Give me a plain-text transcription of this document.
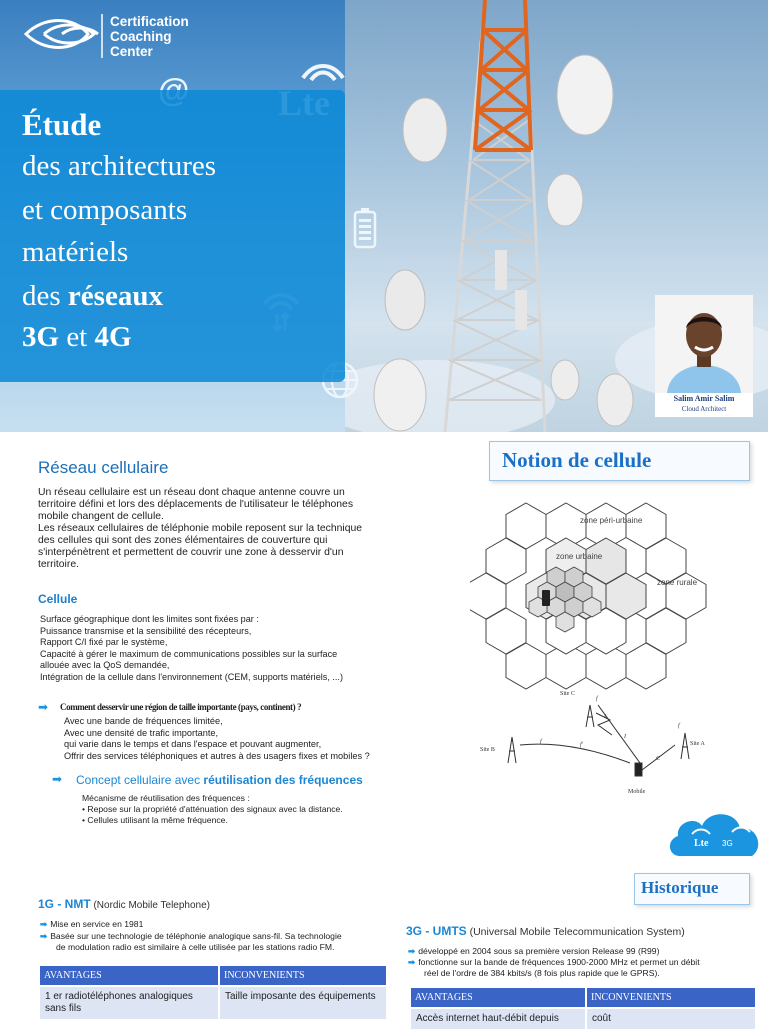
Certification
Coaching
Center
Étude
des architectures
et composants
matériels
des réseaux
3G et 4G
Salim Amir Salim
Cloud Architect
Réseau cellulaire
Un réseau cellulaire est un réseau dont chaque antenne couvre un territoire défini et lors des déplacements de l'utilisateur le téléphones mobile changent de cellule.
Les réseaux cellulaires de téléphonie mobile reposent sur la technique des cellules qui sont des zones élémentaires de couverture qui s'interpénètrent et permettent de couvrir une zone à desservir d'un territoire.
Cellule
Surface géographique dont les limites sont fixées par :
Puissance transmise et la sensibilité des récepteurs,
Rapport C/I fixé par le système,
Capacité à gérer le maximum de communications possibles sur la surface
allouée avec la QoS demandée,
Intégration de la cellule dans l'environnement (CEM, supports matériels, ...)
➡ Comment desservir une région de taille importante (pays, continent) ?
Avec une bande de fréquences limitée,
Avec une densité de trafic importante,
qui varie dans le temps et dans l'espace et pouvant augmenter,
Offrir des services téléphoniques et autres à des usagers fixes et mobiles ?
➡ Concept cellulaire avec réutilisation des fréquences
Mécanisme de réutilisation des fréquences :
• Repose sur la propriété d'atténuation des signaux avec la distance.
• Cellules utilisant la même fréquence.
Notion de cellule
zone péri-urbaine
zone urbaine
zone rurale
Site C
Site B
Site A
Mobile
f
f	f'
f
C
I
I
Lte 3G
Historique
1G - NMT (Nordic Mobile Telephone)
➡ Mise en service en 1981
➡ Basée sur une technologie de téléphonie analogique sans-fil. Sa technologie
de modulation radio est similaire à celle utilisée par les stations radio FM.
AVANTAGES	INCONVENIENTS
1 er radiotéléphones analogiques sans fils	Taille imposante des équipements
3G - UMTS (Universal Mobile Telecommunication System)
➡ développé en 2004 sous sa première version Release 99 (R99)
➡ fonctionne sur la bande de fréquences 1900-2000 MHz et permet un débit
réel de l'ordre de 384 kbits/s (8 fois plus rapide que le GPRS).
AVANTAGES	INCONVENIENTS
Accès internet haut-débit depuis	coût
